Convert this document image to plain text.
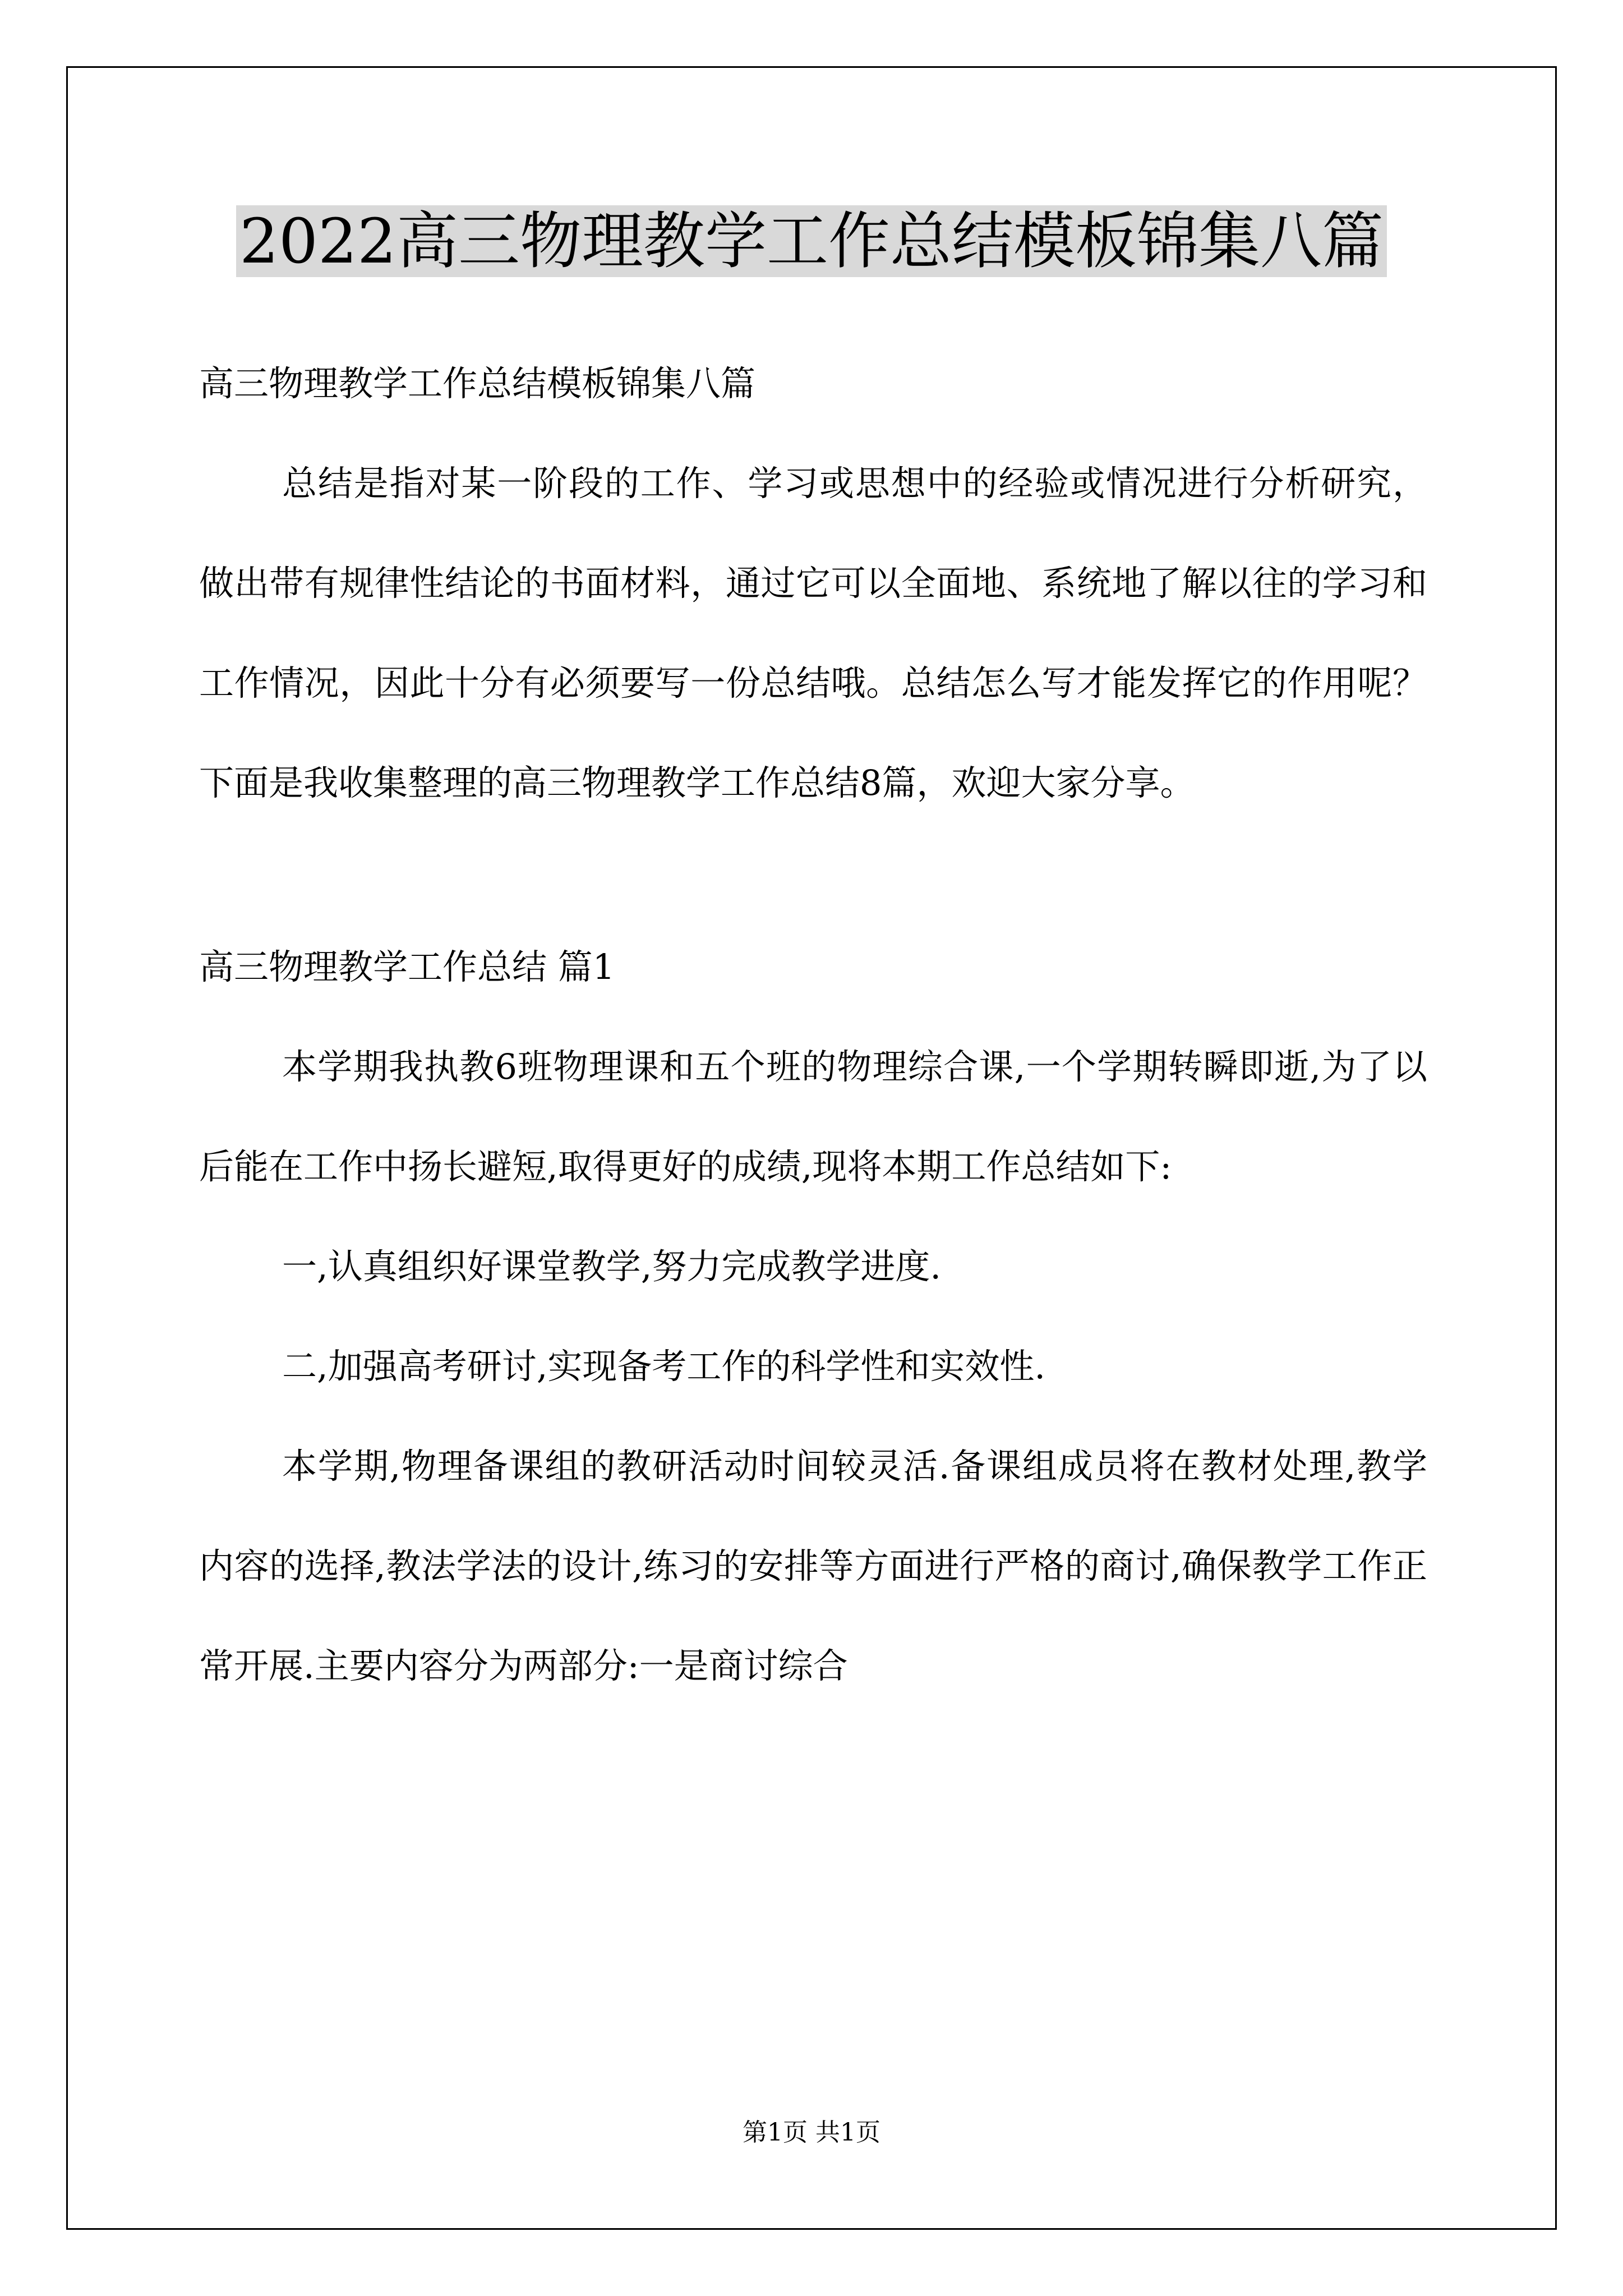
2022高三物理教学工作总结模板锦集八篇

高三物理教学工作总结模板锦集八篇

总结是指对某一阶段的工作、学习或思想中的经验或情况进行分析研究，做出带有规律性结论的书面材料，通过它可以全面地、系统地了解以往的学习和工作情况，因此十分有必须要写一份总结哦。总结怎么写才能发挥它的作用呢？下面是我收集整理的高三物理教学工作总结8篇，欢迎大家分享。

高三物理教学工作总结 篇1

本学期我执教6班物理课和五个班的物理综合课,一个学期转瞬即逝,为了以后能在工作中扬长避短,取得更好的成绩,现将本期工作总结如下:

一,认真组织好课堂教学,努力完成教学进度.

二,加强高考研讨,实现备考工作的科学性和实效性.

本学期,物理备课组的教研活动时间较灵活.备课组成员将在教材处理,教学内容的选择,教法学法的设计,练习的安排等方面进行严格的商讨,确保教学工作正常开展.主要内容分为两部分:一是商讨综合

第1页 共1页
